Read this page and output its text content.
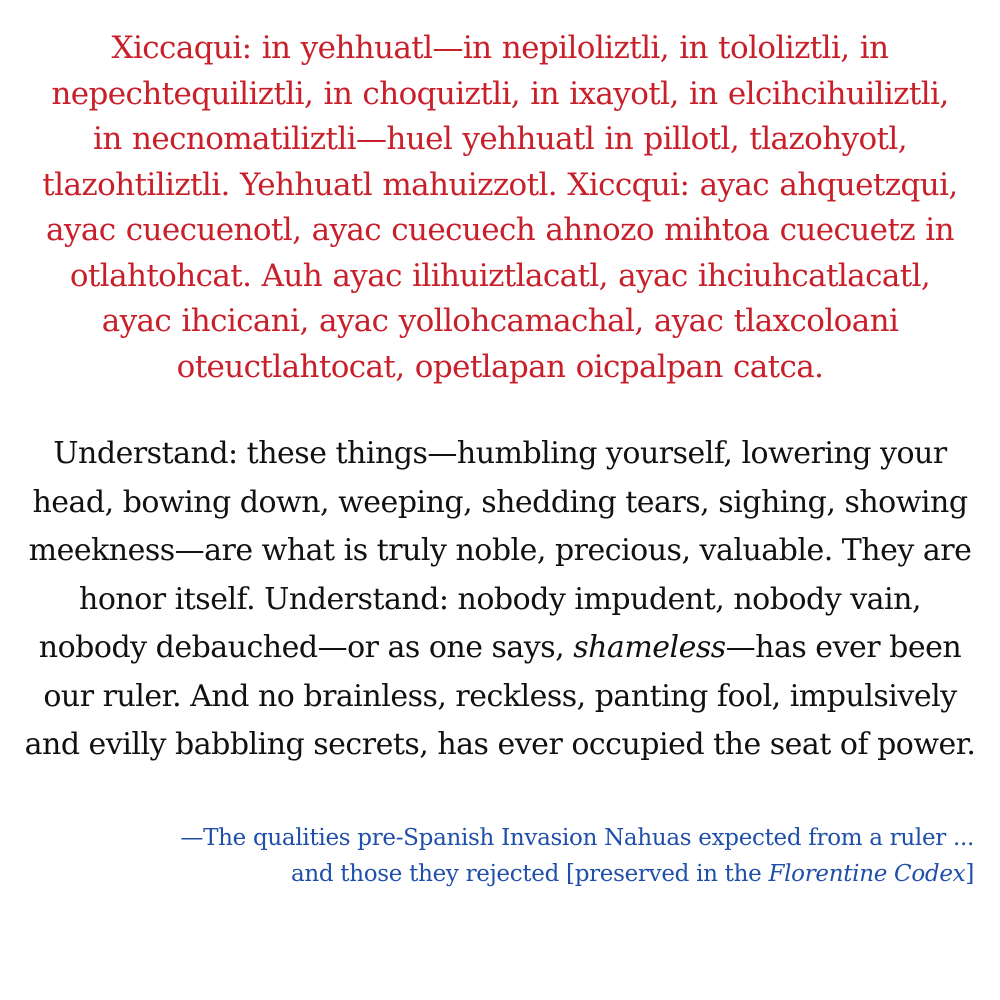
Xiccaqui: in yehhuatl—in nepiloliztli, in tololiztli, in
nepechtequiliztli, in choquiztli, in ixayotl, in elcihcihuiliztli,
in necnomatiliztli—huel yehhuatl in pillotl, tlazohyotl,
tlazohtiliztli. Yehhuatl mahuizzotl. Xiccqui: ayac ahquetzqui,
ayac cuecuenotl, ayac cuecuech ahnozo mihtoa cuecuetz in
otlahtohcat. Auh ayac ilihuiztlacatl, ayac ihciuhcatlacatl,
ayac ihcicani, ayac yollohcamachal, ayac tlaxcoloani
oteuctlahtocat, opetlapan oicpalpan catca.

Understand: these things—humbling yourself, lowering your
head, bowing down, weeping, shedding tears, sighing, showing
meekness—are what is truly noble, precious, valuable. They are
honor itself. Understand: nobody impudent, nobody vain,
nobody debauched—or as one says, shameless—has ever been
our ruler. And no brainless, reckless, panting fool, impulsively
and evilly babbling secrets, has ever occupied the seat of power.

—The qualities pre-Spanish Invasion Nahuas expected from a ruler ...
and those they rejected [preserved in the Florentine Codex]
